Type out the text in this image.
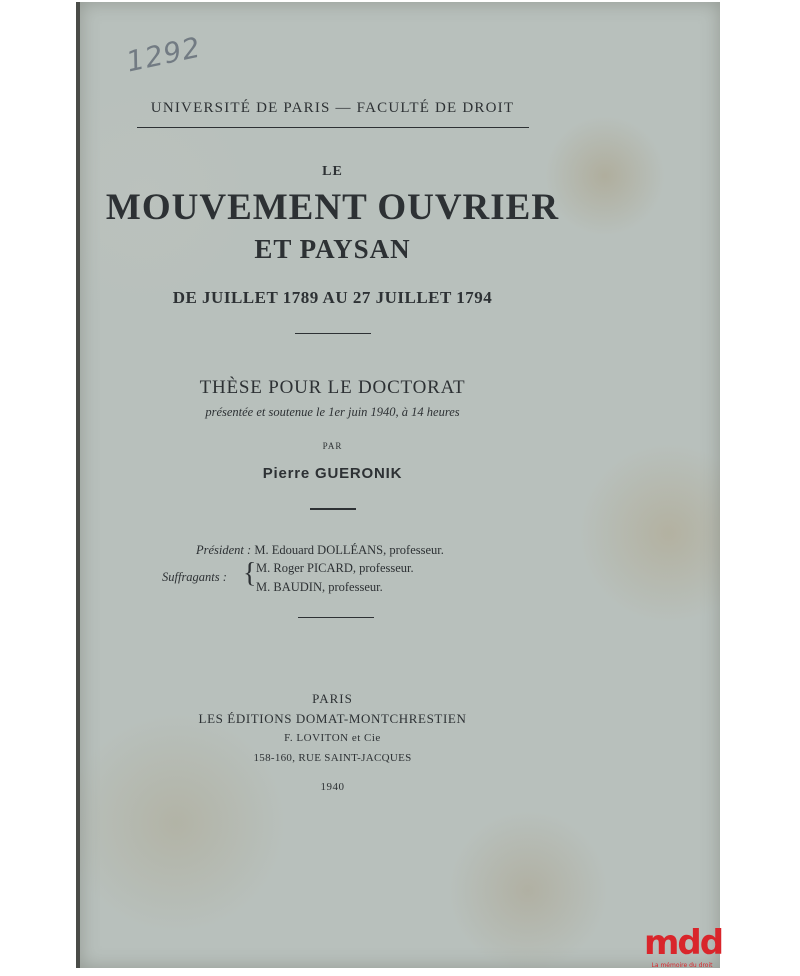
1292
UNIVERSITÉ DE PARIS — FACULTÉ DE DROIT
LE
MOUVEMENT OUVRIER
ET PAYSAN
DE JUILLET 1789 AU 27 JUILLET 1794
THÈSE POUR LE DOCTORAT
présentée et soutenue le 1er juin 1940, à 14 heures
PAR
Pierre GUERONIK
Président : M. Edouard DOLLÉANS, professeur.
Suffragants : { M. Roger PICARD, professeur.
M. BAUDIN, professeur.
PARIS
LES ÉDITIONS DOMAT-MONTCHRESTIEN
F. LOVITON et Cie
158-160, RUE SAINT-JACQUES
1940
mdd
La mémoire du droit
